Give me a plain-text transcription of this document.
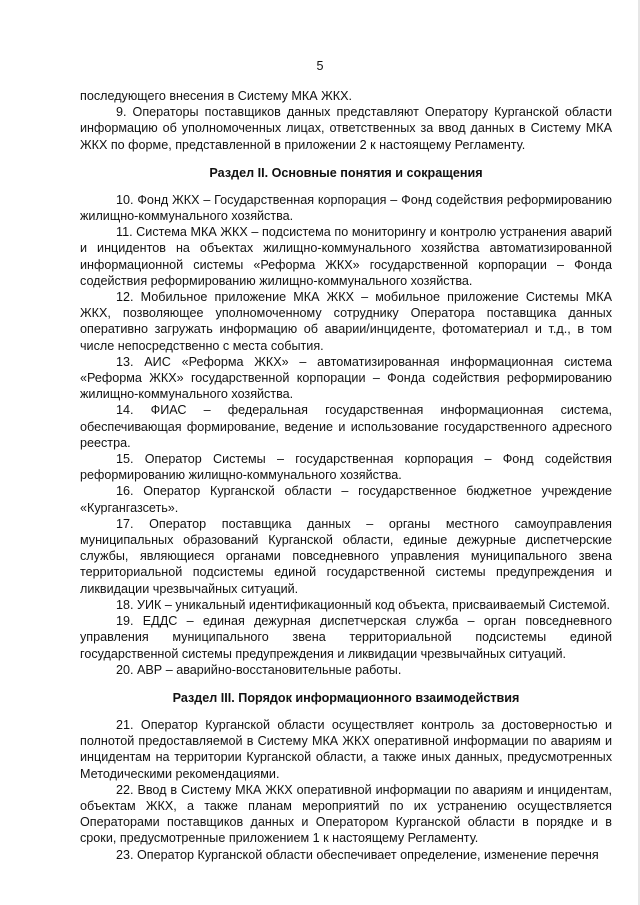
5

последующего внесения в Систему МКА ЖКХ.

9. Операторы поставщиков данных представляют Оператору Курганской области информацию об уполномоченных лицах, ответственных за ввод данных в Систему МКА ЖКХ по форме, представленной в приложении 2 к настоящему Регламенту.

Раздел II. Основные понятия и сокращения

10. Фонд ЖКХ – Государственная корпорация – Фонд содействия реформированию жилищно-коммунального хозяйства.

11. Система МКА ЖКХ – подсистема по мониторингу и контролю устранения аварий и инцидентов на объектах жилищно-коммунального хозяйства автоматизированной информационной системы «Реформа ЖКХ» государственной корпорации – Фонда содействия реформированию жилищно-коммунального хозяйства.

12. Мобильное приложение МКА ЖКХ – мобильное приложение Системы МКА ЖКХ, позволяющее уполномоченному сотруднику Оператора поставщика данных оперативно загружать информацию об аварии/инциденте, фотоматериал и т.д., в том числе непосредственно с места события.

13. АИС «Реформа ЖКХ» – автоматизированная информационная система «Реформа ЖКХ» государственной корпорации – Фонда содействия реформированию жилищно-коммунального хозяйства.

14. ФИАС – федеральная государственная информационная система, обеспечивающая формирование, ведение и использование государственного адресного реестра.

15. Оператор Системы – государственная корпорация – Фонд содействия реформированию жилищно-коммунального хозяйства.

16. Оператор Курганской области – государственное бюджетное учреждение «Кургангазсеть».

17. Оператор поставщика данных – органы местного самоуправления муниципальных образований Курганской области, единые дежурные диспетчерские службы, являющиеся органами повседневного управления муниципального звена территориальной подсистемы единой государственной системы предупреждения и ликвидации чрезвычайных ситуаций.

18. УИК – уникальный идентификационный код объекта, присваиваемый Системой.

19. ЕДДС – единая дежурная диспетчерская служба – орган повседневного управления муниципального звена территориальной подсистемы единой государственной системы предупреждения и ликвидации чрезвычайных ситуаций.

20. АВР – аварийно-восстановительные работы.

Раздел III. Порядок информационного взаимодействия

21. Оператор Курганской области осуществляет контроль за достоверностью и полнотой предоставляемой в Систему МКА ЖКХ оперативной информации по авариям и инцидентам на территории Курганской области, а также иных данных, предусмотренных Методическими рекомендациями.

22. Ввод в Систему МКА ЖКХ оперативной информации по авариям и инцидентам, объектам ЖКХ, а также планам мероприятий по их устранению осуществляется Операторами поставщиков данных и Оператором Курганской области в порядке и в сроки, предусмотренные приложением 1 к настоящему Регламенту.

23. Оператор Курганской области обеспечивает определение, изменение перечня
